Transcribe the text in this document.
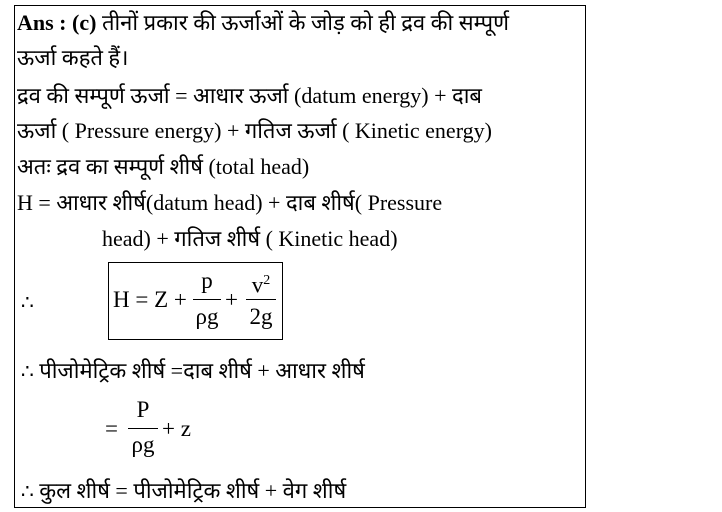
Ans : (c) तीनों प्रकार की ऊर्जाओं के जोड़ को ही द्रव की सम्पूर्ण
ऊर्जा कहते हैं।
द्रव की सम्पूर्ण ऊर्जा = आधार ऊर्जा (datum energy) + दाब
ऊर्जा ( Pressure energy) + गतिज ऊर्जा ( Kinetic energy)
अतः द्रव का सम्पूर्ण शीर्ष (total head)
H = आधार शीर्ष(datum head) + दाब शीर्ष( Pressure
head) + गतिज शीर्ष ( Kinetic head)
∴	H = Z +
p
ρg
+
$v^2$
2g
∴ पीजोमेट्रिक शीर्ष =दाब शीर्ष + आधार शीर्ष
=
P
ρg
+ z
∴ कुल शीर्ष = पीजोमेट्रिक शीर्ष + वेग शीर्ष
